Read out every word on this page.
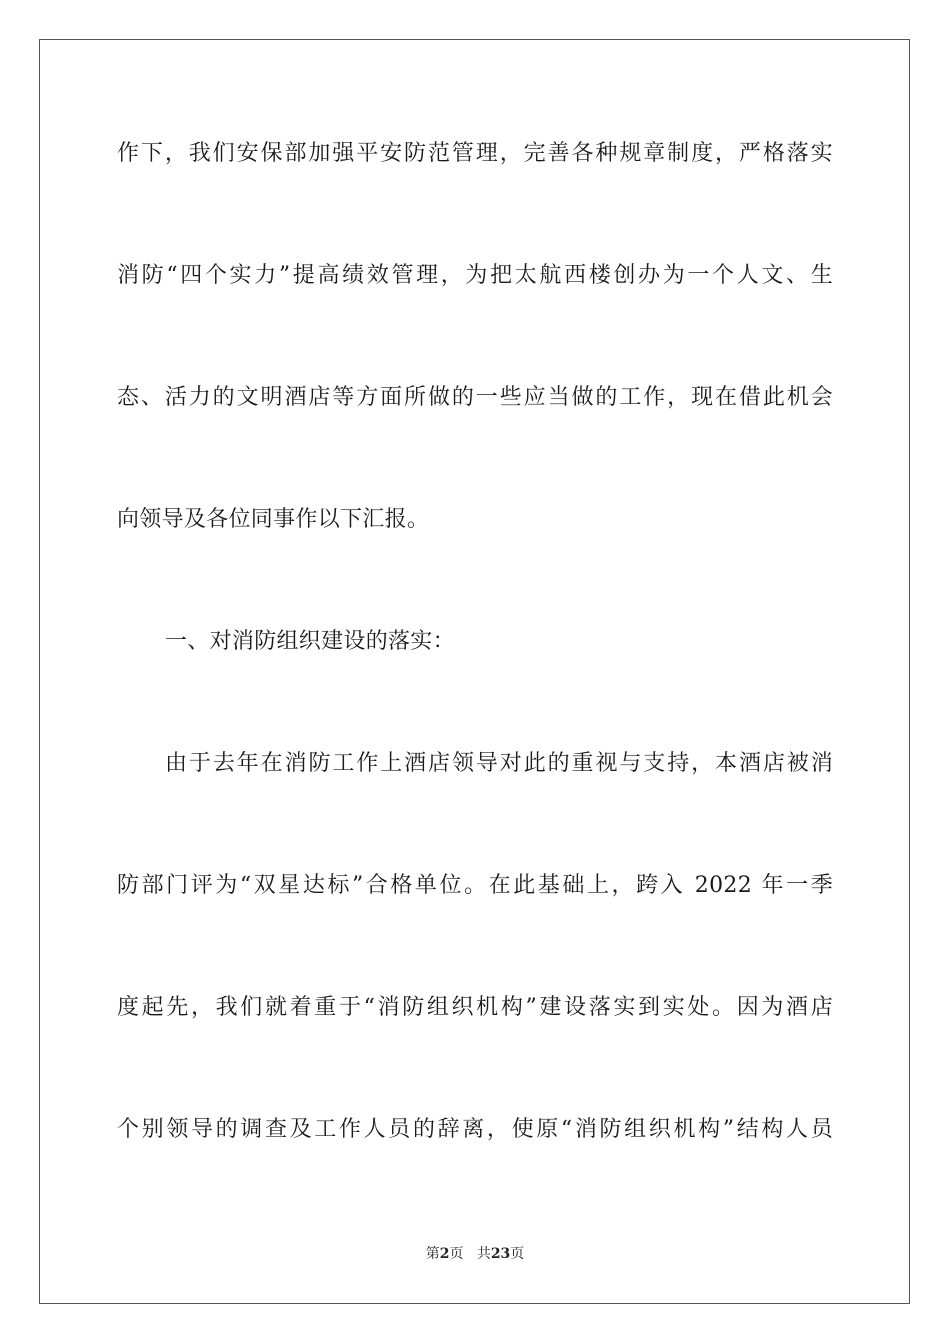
作下，我们安保部加强平安防范管理，完善各种规章制度，严格落实
消防“四个实力”提高绩效管理，为把太航西楼创办为一个人文、生
态、活力的文明酒店等方面所做的一些应当做的工作，现在借此机会
向领导及各位同事作以下汇报。
一、对消防组织建设的落实：
由于去年在消防工作上酒店领导对此的重视与支持，本酒店被消
防部门评为“双星达标”合格单位。在此基础上，跨入 2022 年一季
度起先，我们就着重于“消防组织机构”建设落实到实处。因为酒店
个别领导的调查及工作人员的辞离，使原“消防组织机构”结构人员
第2页 共23页
